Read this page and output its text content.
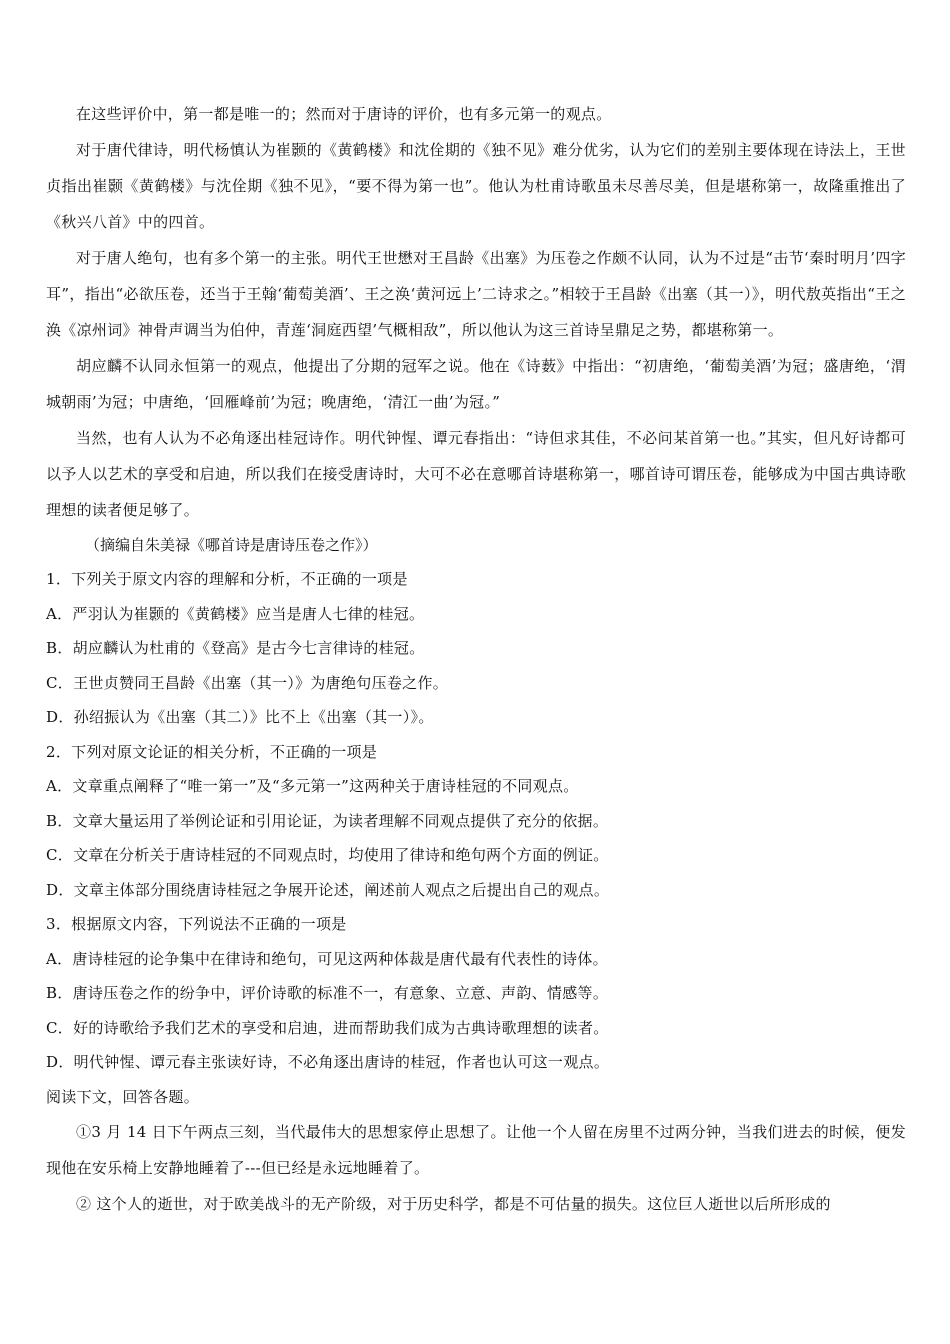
在这些评价中，第一都是唯一的；然而对于唐诗的评价，也有多元第一的观点。

对于唐代律诗，明代杨慎认为崔颢的《黄鹤楼》和沈佺期的《独不见》难分优劣，认为它们的差别主要体现在诗法上，王世贞指出崔颢《黄鹤楼》与沈佺期《独不见》，“要不得为第一也”。他认为杜甫诗歌虽未尽善尽美，但是堪称第一，故隆重推出了《秋兴八首》中的四首。

对于唐人绝句，也有多个第一的主张。明代王世懋对王昌龄《出塞》为压卷之作颇不认同，认为不过是“击节‘秦时明月’四字耳”，指出“必欲压卷，还当于王翰‘葡萄美酒’、王之涣‘黄河远上’二诗求之。”相较于王昌龄《出塞（其一）》，明代敖英指出“王之涣《凉州词》神骨声调当为伯仲，青莲‘洞庭西望’气概相敌”，所以他认为这三首诗呈鼎足之势，都堪称第一。

胡应麟不认同永恒第一的观点，他提出了分期的冠军之说。他在《诗薮》中指出：“初唐绝，‘葡萄美酒’为冠；盛唐绝，‘渭城朝雨’为冠；中唐绝，‘回雁峰前’为冠；晚唐绝，‘清江一曲’为冠。”

当然，也有人认为不必角逐出桂冠诗作。明代钟惺、谭元春指出：“诗但求其佳，不必问某首第一也。”其实，但凡好诗都可以予人以艺术的享受和启迪，所以我们在接受唐诗时，大可不必在意哪首诗堪称第一，哪首诗可谓压卷，能够成为中国古典诗歌理想的读者便足够了。

（摘编自朱美禄《哪首诗是唐诗压卷之作》）

1．下列关于原文内容的理解和分析，不正确的一项是

A．严羽认为崔颢的《黄鹤楼》应当是唐人七律的桂冠。

B．胡应麟认为杜甫的《登高》是古今七言律诗的桂冠。

C．王世贞赞同王昌龄《出塞（其一）》为唐绝句压卷之作。

D．孙绍振认为《出塞（其二）》比不上《出塞（其一）》。

2．下列对原文论证的相关分析，不正确的一项是

A．文章重点阐释了“唯一第一”及“多元第一”这两种关于唐诗桂冠的不同观点。

B．文章大量运用了举例论证和引用论证，为读者理解不同观点提供了充分的依据。

C．文章在分析关于唐诗桂冠的不同观点时，均使用了律诗和绝句两个方面的例证。

D．文章主体部分围绕唐诗桂冠之争展开论述，阐述前人观点之后提出自己的观点。

3．根据原文内容，下列说法不正确的一项是

A．唐诗桂冠的论争集中在律诗和绝句，可见这两种体裁是唐代最有代表性的诗体。

B．唐诗压卷之作的纷争中，评价诗歌的标准不一，有意象、立意、声韵、情感等。

C．好的诗歌给予我们艺术的享受和启迪，进而帮助我们成为古典诗歌理想的读者。

D．明代钟惺、谭元春主张读好诗，不必角逐出唐诗的桂冠，作者也认可这一观点。

阅读下文，回答各题。

①3 月 14 日下午两点三刻，当代最伟大的思想家停止思想了。让他一个人留在房里不过两分钟，当我们进去的时候，便发现他在安乐椅上安静地睡着了---但已经是永远地睡着了。

② 这个人的逝世，对于欧美战斗的无产阶级，对于历史科学，都是不可估量的损失。这位巨人逝世以后所形成的
